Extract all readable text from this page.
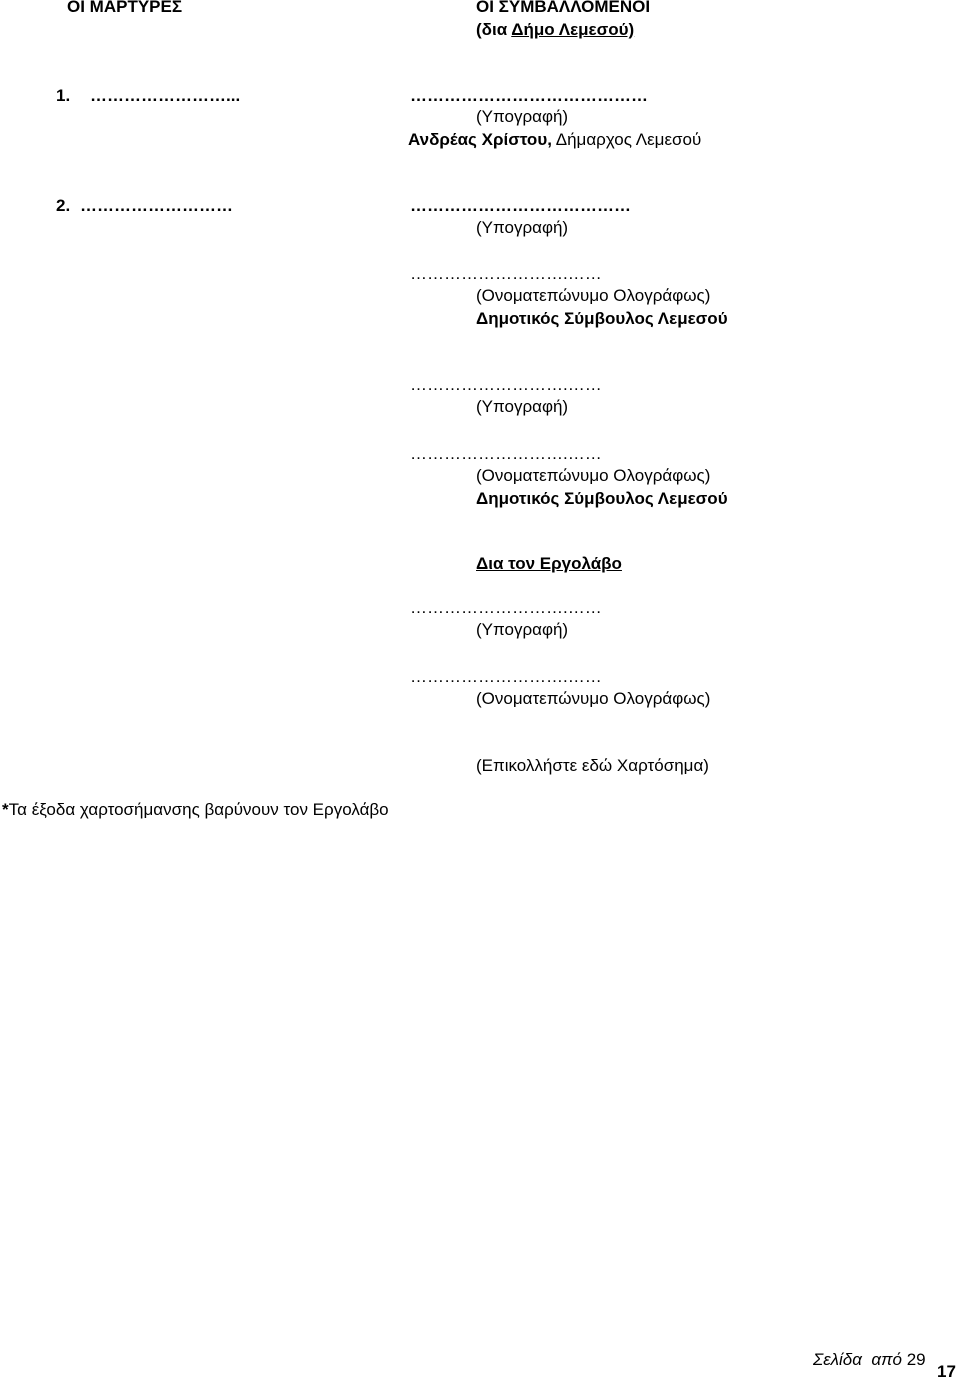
ΟΙ ΜΑΡΤΥΡΕΣ	ΟΙ ΣΥΜΒΑΛΛΟΜΕΝΟΙ
(δια Δήμο Λεμεσού)
1. ……………………...	……………………………………
(Υπογραφή)
Ανδρέας Χρίστου, Δήμαρχος Λεμεσού
2. ………………………	…………………………………
(Υπογραφή)
……………………….……
(Ονοματεπώνυμο Ολογράφως)
Δημοτικός Σύμβουλος Λεμεσού
……………………….……
(Υπογραφή)
……………………….……
(Ονοματεπώνυμο Ολογράφως)
Δημοτικός Σύμβουλος Λεμεσού
Δια τον Εργολάβο
……………………….……
(Υπογραφή)
……………………….……
(Ονοματεπώνυμο Ολογράφως)
(Επικολλήστε εδώ Χαρτόσημα)
*Τα έξοδα χαρτοσήμανσης βαρύνουν τον Εργολάβο
Σελίδα από 29
17
